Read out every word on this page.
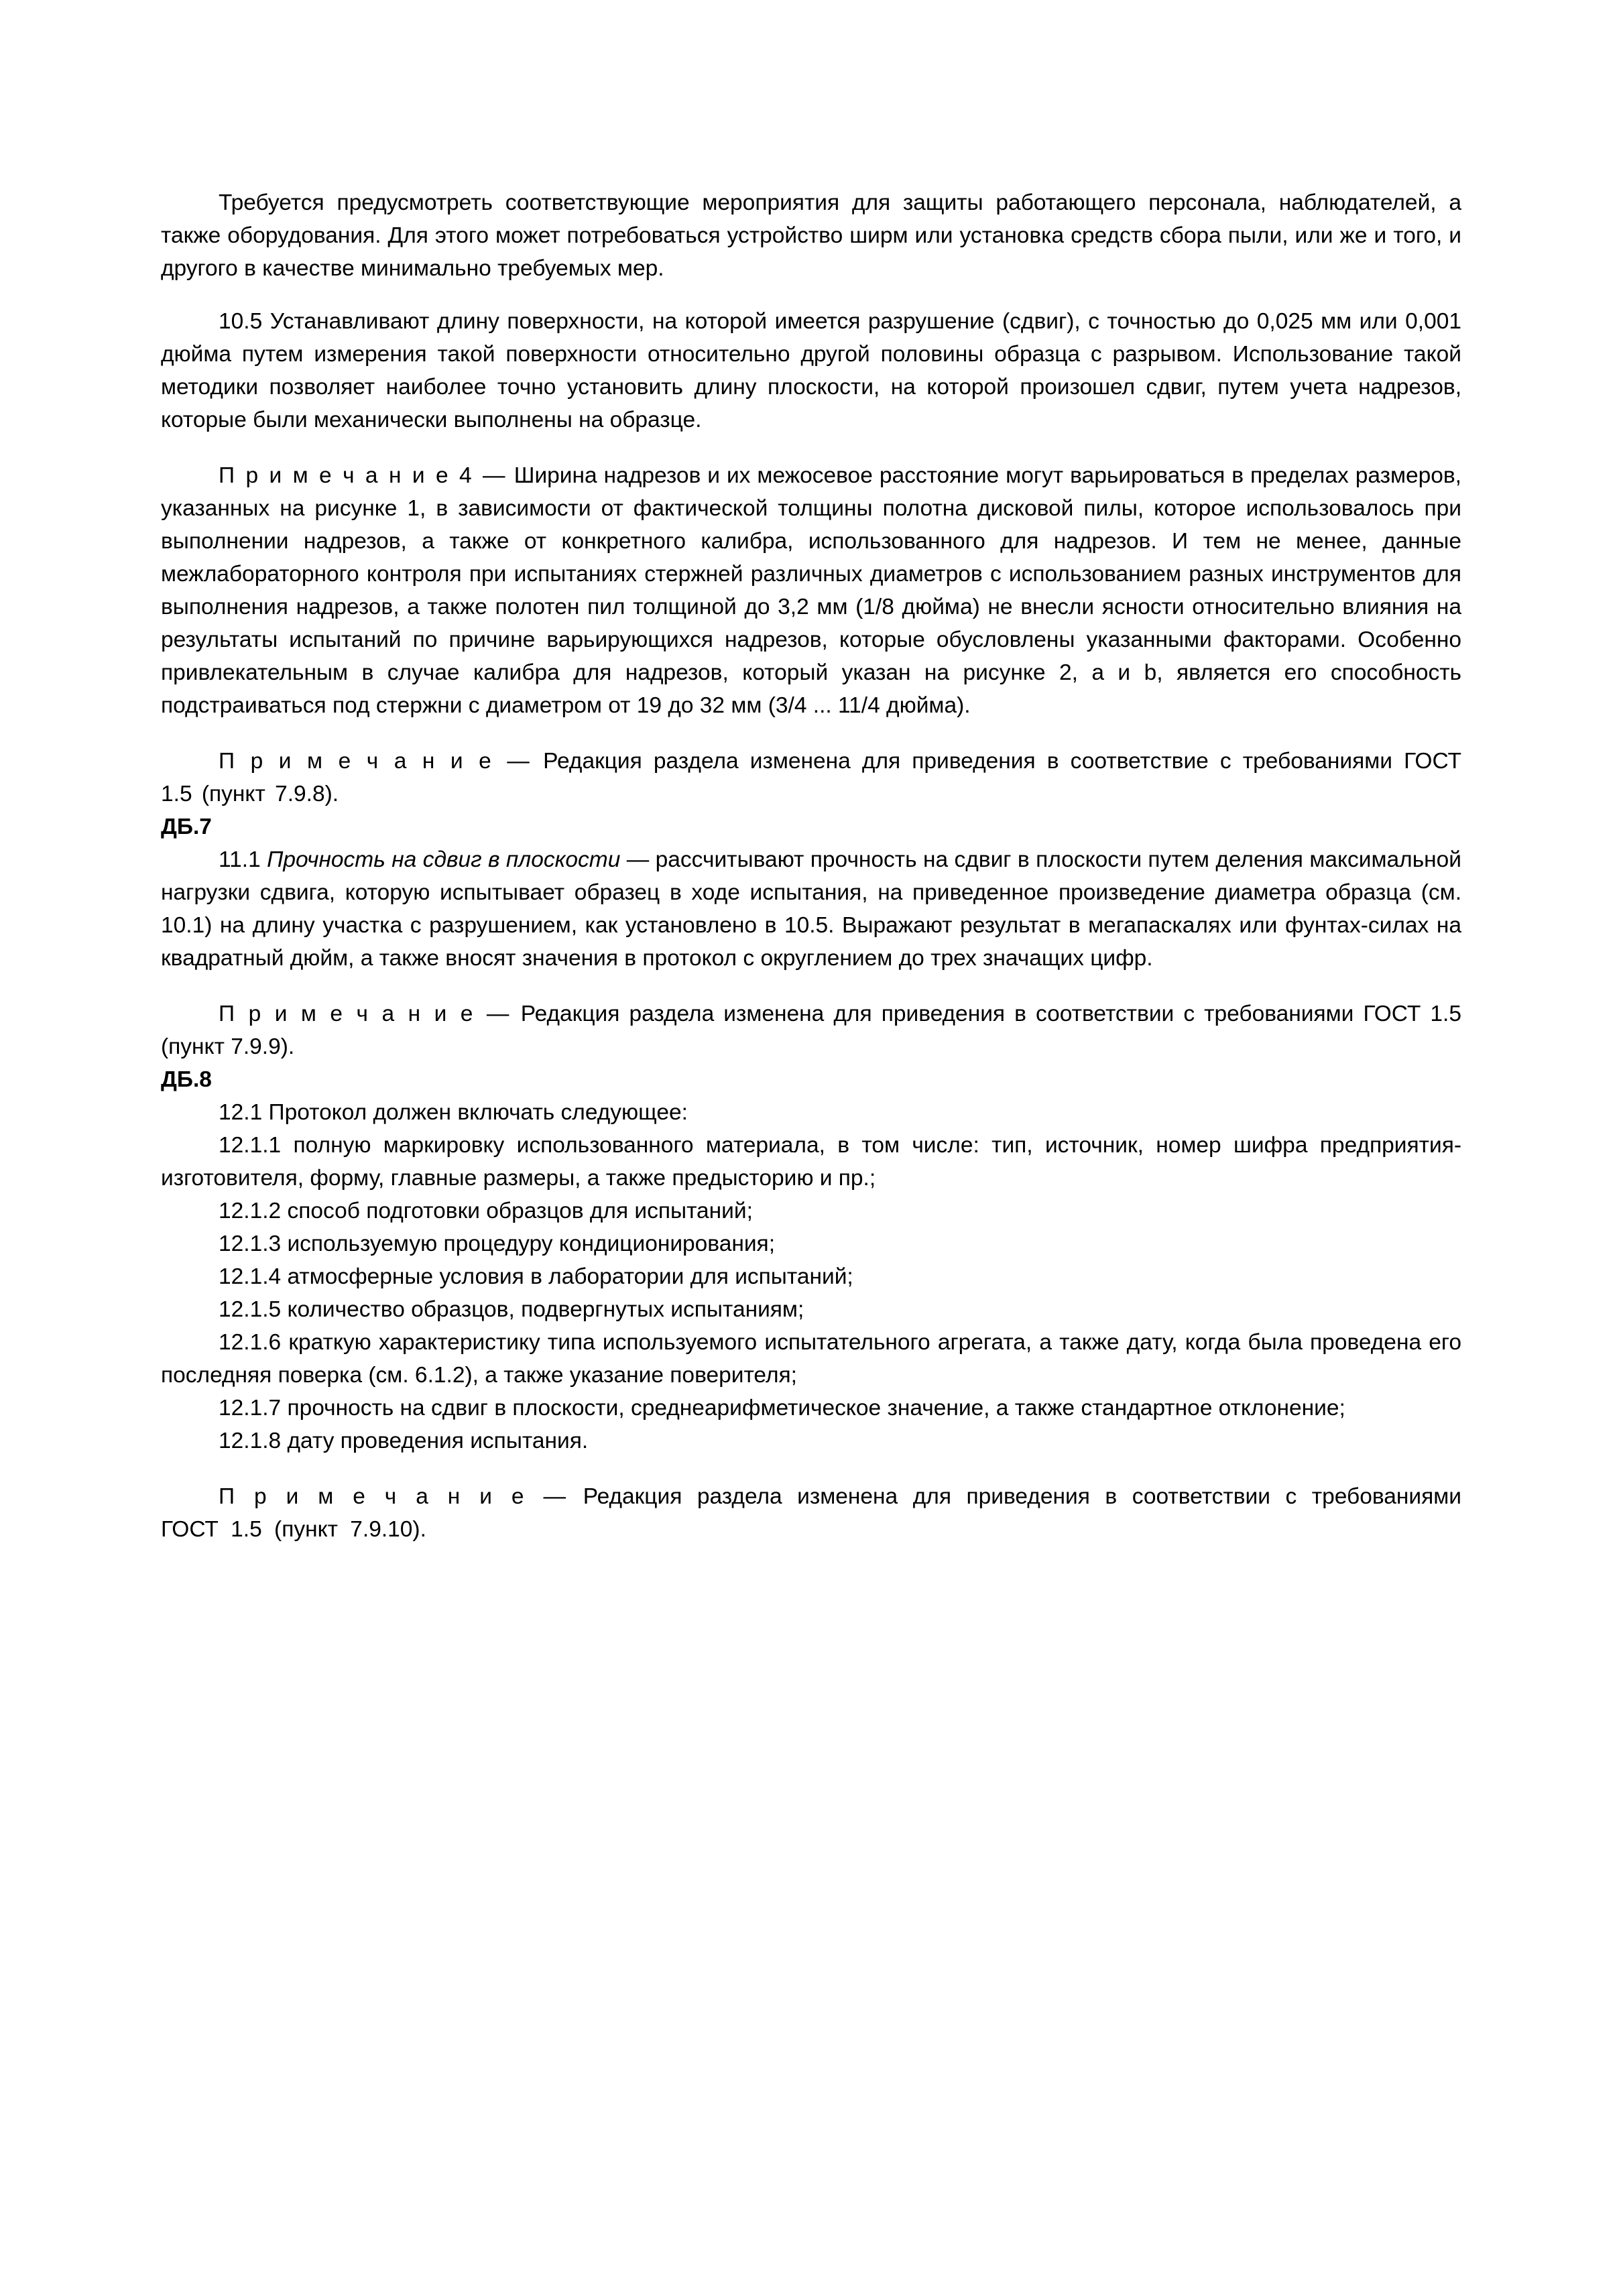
Требуется предусмотреть соответствующие мероприятия для защиты работающего персонала, наблюдателей, а также оборудования. Для этого может потребоваться устройство ширм или установка средств сбора пыли, или же и того, и другого в качестве минимально требуемых мер.

10.5 Устанавливают длину поверхности, на которой имеется разрушение (сдвиг), с точностью до 0,025 мм или 0,001 дюйма путем измерения такой поверхности относительно другой половины образца с разрывом. Использование такой методики позволяет наиболее точно установить длину плоскости, на которой произошел сдвиг, путем учета надрезов, которые были механически выполнены на образце.

П р и м е ч а н и е 4 — Ширина надрезов и их межосевое расстояние могут варьироваться в пределах размеров, указанных на рисунке 1, в зависимости от фактической толщины полотна дисковой пилы, которое использовалось при выполнении надрезов, а также от конкретного калибра, использованного для надрезов. И тем не менее, данные межлабораторного контроля при испытаниях стержней различных диаметров с использованием разных инструментов для выполнения надрезов, а также полотен пил толщиной до 3,2 мм (1/8 дюйма) не внесли ясности относительно влияния на результаты испытаний по причине варьирующихся надрезов, которые обусловлены указанными факторами. Особенно привлекательным в случае калибра для надрезов, который указан на рисунке 2, a и b, является его способность подстраиваться под стержни с диаметром от 19 до 32 мм (3/4 ... 11/4 дюйма).

П р и м е ч а н и е — Редакция раздела изменена для приведения в соответствие с требованиями ГОСТ 1.5 (пункт 7.9.8).

ДБ.7

11.1 Прочность на сдвиг в плоскости — рассчитывают прочность на сдвиг в плоскости путем деления максимальной нагрузки сдвига, которую испытывает образец в ходе испытания, на приведенное произведение диаметра образца (см. 10.1) на длину участка с разрушением, как установлено в 10.5. Выражают результат в мегапаскалях или фунтах-силах на квадратный дюйм, а также вносят значения в протокол с округлением до трех значащих цифр.

П р и м е ч а н и е — Редакция раздела изменена для приведения в соответствии с требованиями ГОСТ 1.5 (пункт 7.9.9).

ДБ.8

12.1 Протокол должен включать следующее:

12.1.1 полную маркировку использованного материала, в том числе: тип, источник, номер шифра предприятия-изготовителя, форму, главные размеры, а также предысторию и пр.;

12.1.2 способ подготовки образцов для испытаний;

12.1.3 используемую процедуру кондиционирования;

12.1.4 атмосферные условия в лаборатории для испытаний;

12.1.5 количество образцов, подвергнутых испытаниям;

12.1.6 краткую характеристику типа используемого испытательного агрегата, а также дату, когда была проведена его последняя поверка (см. 6.1.2), а также указание поверителя;

12.1.7 прочность на сдвиг в плоскости, среднеарифметическое значение, а также стандартное отклонение;

12.1.8 дату проведения испытания.

П р и м е ч а н и е — Редакция раздела изменена для приведения в соответствии с требованиями ГОСТ 1.5 (пункт 7.9.10).
